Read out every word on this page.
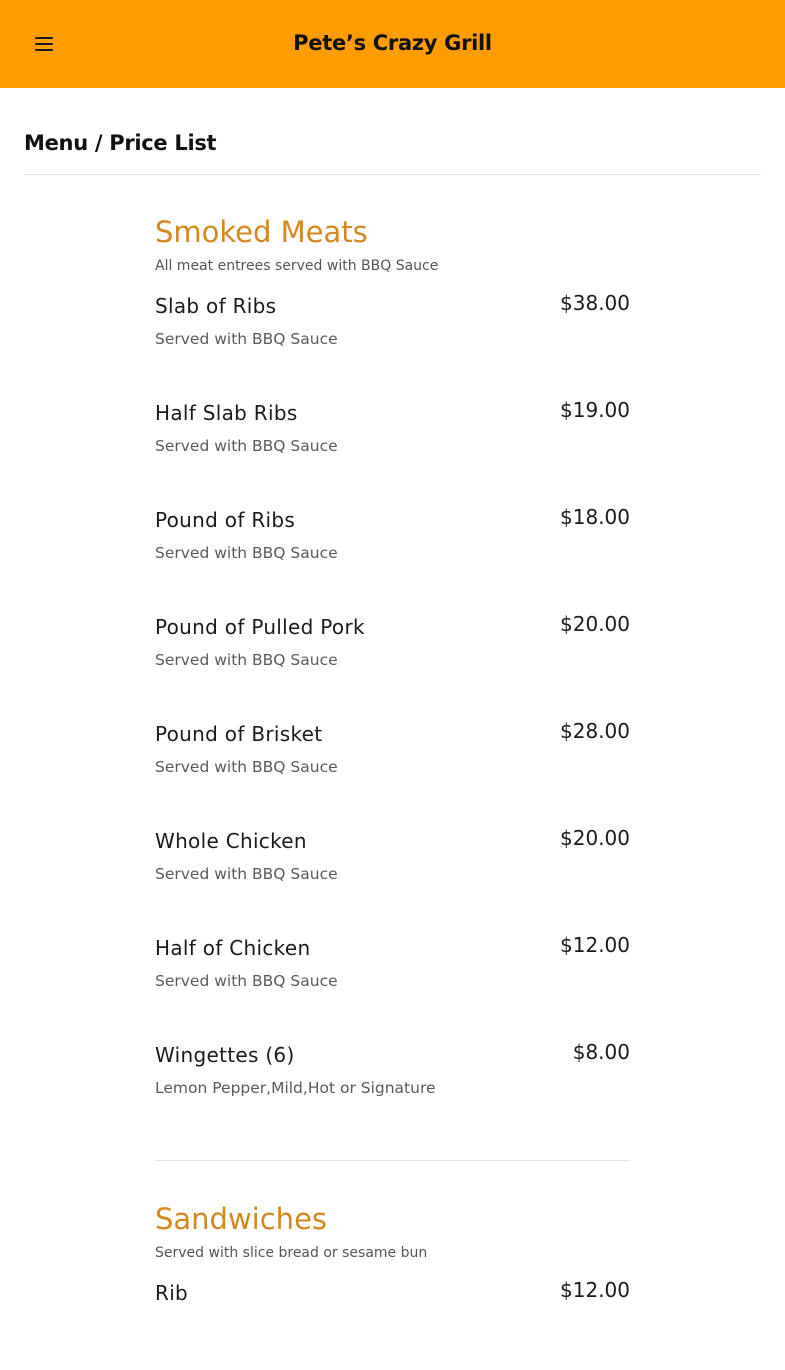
Pete’s Crazy Grill
Menu / Price List
Smoked Meats
All meat entrees served with BBQ Sauce
Slab of Ribs
Served with BBQ Sauce
$38.00
Half Slab Ribs
Served with BBQ Sauce
$19.00
Pound of Ribs
Served with BBQ Sauce
$18.00
Pound of Pulled Pork
Served with BBQ Sauce
$20.00
Pound of Brisket
Served with BBQ Sauce
$28.00
Whole Chicken
Served with BBQ Sauce
$20.00
Half of Chicken
Served with BBQ Sauce
$12.00
Wingettes (6)
Lemon Pepper,Mild,Hot or Signature
$8.00
Sandwiches
Served with slice bread or sesame bun
Rib	$12.00
